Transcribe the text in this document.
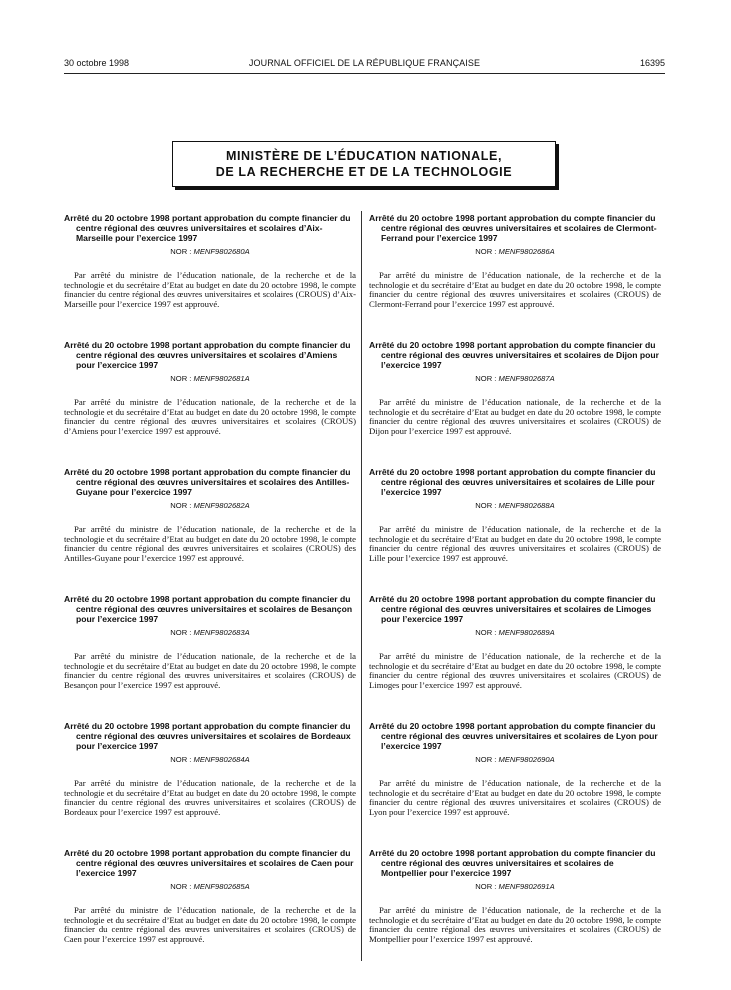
30 octobre 1998	JOURNAL OFFICIEL DE LA RÉPUBLIQUE FRANÇAISE	16395
MINISTÈRE DE L’ÉDUCATION NATIONALE,
DE LA RECHERCHE ET DE LA TECHNOLOGIE

Arrêté du 20 octobre 1998 portant approbation du compte financier du centre régional des œuvres universitaires et scolaires d’Aix-Marseille pour l’exercice 1997

NOR : MENF9802680A

Par arrêté du ministre de l’éducation nationale, de la recherche et de la technologie et du secrétaire d’Etat au budget en date du 20 octobre 1998, le compte financier du centre régional des œuvres universitaires et scolaires (CROUS) d’Aix-Marseille pour l’exercice 1997 est approuvé.

Arrêté du 20 octobre 1998 portant approbation du compte financier du centre régional des œuvres universitaires et scolaires d’Amiens pour l’exercice 1997

NOR : MENF9802681A

Par arrêté du ministre de l’éducation nationale, de la recherche et de la technologie et du secrétaire d’Etat au budget en date du 20 octobre 1998, le compte financier du centre régional des œuvres universitaires et scolaires (CROUS) d’Amiens pour l’exercice 1997 est approuvé.

Arrêté du 20 octobre 1998 portant approbation du compte financier du centre régional des œuvres universitaires et scolaires des Antilles-Guyane pour l’exercice 1997

NOR : MENF9802682A

Par arrêté du ministre de l’éducation nationale, de la recherche et de la technologie et du secrétaire d’Etat au budget en date du 20 octobre 1998, le compte financier du centre régional des œuvres universitaires et scolaires (CROUS) des Antilles-Guyane pour l’exercice 1997 est approuvé.

Arrêté du 20 octobre 1998 portant approbation du compte financier du centre régional des œuvres universitaires et scolaires de Besançon pour l’exercice 1997

NOR : MENF9802683A

Par arrêté du ministre de l’éducation nationale, de la recherche et de la technologie et du secrétaire d’Etat au budget en date du 20 octobre 1998, le compte financier du centre régional des œuvres universitaires et scolaires (CROUS) de Besançon pour l’exercice 1997 est approuvé.

Arrêté du 20 octobre 1998 portant approbation du compte financier du centre régional des œuvres universitaires et scolaires de Bordeaux pour l’exercice 1997

NOR : MENF9802684A

Par arrêté du ministre de l’éducation nationale, de la recherche et de la technologie et du secrétaire d’Etat au budget en date du 20 octobre 1998, le compte financier du centre régional des œuvres universitaires et scolaires (CROUS) de Bordeaux pour l’exercice 1997 est approuvé.

Arrêté du 20 octobre 1998 portant approbation du compte financier du centre régional des œuvres universitaires et scolaires de Caen pour l’exercice 1997

NOR : MENF9802685A

Par arrêté du ministre de l’éducation nationale, de la recherche et de la technologie et du secrétaire d’Etat au budget en date du 20 octobre 1998, le compte financier du centre régional des œuvres universitaires et scolaires (CROUS) de Caen pour l’exercice 1997 est approuvé.

Arrêté du 20 octobre 1998 portant approbation du compte financier du centre régional des œuvres universitaires et scolaires de Clermont-Ferrand pour l’exercice 1997

NOR : MENF9802686A

Par arrêté du ministre de l’éducation nationale, de la recherche et de la technologie et du secrétaire d’Etat au budget en date du 20 octobre 1998, le compte financier du centre régional des œuvres universitaires et scolaires (CROUS) de Clermont-Ferrand pour l’exercice 1997 est approuvé.

Arrêté du 20 octobre 1998 portant approbation du compte financier du centre régional des œuvres universitaires et scolaires de Dijon pour l’exercice 1997

NOR : MENF9802687A

Par arrêté du ministre de l’éducation nationale, de la recherche et de la technologie et du secrétaire d’Etat au budget en date du 20 octobre 1998, le compte financier du centre régional des œuvres universitaires et scolaires (CROUS) de Dijon pour l’exercice 1997 est approuvé.

Arrêté du 20 octobre 1998 portant approbation du compte financier du centre régional des œuvres universitaires et scolaires de Lille pour l’exercice 1997

NOR : MENF9802688A

Par arrêté du ministre de l’éducation nationale, de la recherche et de la technologie et du secrétaire d’Etat au budget en date du 20 octobre 1998, le compte financier du centre régional des œuvres universitaires et scolaires (CROUS) de Lille pour l’exercice 1997 est approuvé.

Arrêté du 20 octobre 1998 portant approbation du compte financier du centre régional des œuvres universitaires et scolaires de Limoges pour l’exercice 1997

NOR : MENF9802689A

Par arrêté du ministre de l’éducation nationale, de la recherche et de la technologie et du secrétaire d’Etat au budget en date du 20 octobre 1998, le compte financier du centre régional des œuvres universitaires et scolaires (CROUS) de Limoges pour l’exercice 1997 est approuvé.

Arrêté du 20 octobre 1998 portant approbation du compte financier du centre régional des œuvres universitaires et scolaires de Lyon pour l’exercice 1997

NOR : MENF9802690A

Par arrêté du ministre de l’éducation nationale, de la recherche et de la technologie et du secrétaire d’Etat au budget en date du 20 octobre 1998, le compte financier du centre régional des œuvres universitaires et scolaires (CROUS) de Lyon pour l’exercice 1997 est approuvé.

Arrêté du 20 octobre 1998 portant approbation du compte financier du centre régional des œuvres universitaires et scolaires de Montpellier pour l’exercice 1997

NOR : MENF9802691A

Par arrêté du ministre de l’éducation nationale, de la recherche et de la technologie et du secrétaire d’Etat au budget en date du 20 octobre 1998, le compte financier du centre régional des œuvres universitaires et scolaires (CROUS) de Montpellier pour l’exercice 1997 est approuvé.
